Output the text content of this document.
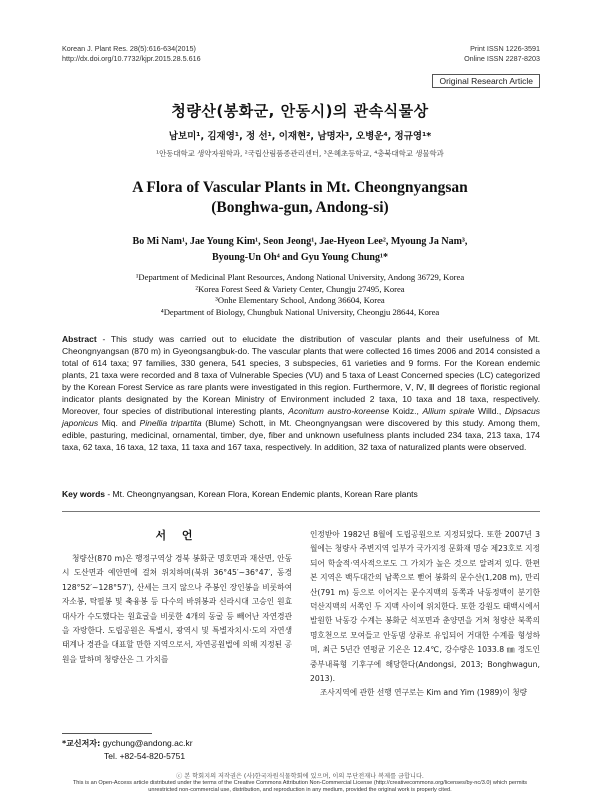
Korean J. Plant Res. 28(5):616-634(2015)
http://dx.doi.org/10.7732/kjpr.2015.28.5.616
Print ISSN 1226-3591
Online ISSN 2287-8203
Original Research Article
청량산(봉화군, 안동시)의 관속식물상
남보미¹, 김재영¹, 정 선¹, 이재현², 남명자³, 오병운⁴, 정규영¹*
¹안동대학교 생약자원학과, ²국립산림품종관리센터, ³온혜초등학교, ⁴충북대학교 생물학과
A Flora of Vascular Plants in Mt. Cheongnyangsan
(Bonghwa-gun, Andong-si)
Bo Mi Nam¹, Jae Young Kim¹, Seon Jeong¹, Jae-Hyeon Lee², Myoung Ja Nam³,
Byoung-Un Oh⁴ and Gyu Young Chung¹*
¹Department of Medicinal Plant Resources, Andong National University, Andong 36729, Korea
²Korea Forest Seed & Variety Center, Chungju 27495, Korea
³Onhe Elementary School, Andong 36604, Korea
⁴Department of Biology, Chungbuk National University, Cheongju 28644, Korea
Abstract - This study was carried out to elucidate the distribution of vascular plants and their usefulness of Mt. Cheongnyangsan (870 m) in Gyeongsangbuk-do. The vascular plants that were collected 16 times 2006 and 2014 consisted a total of 614 taxa; 97 families, 330 genera, 541 species, 3 subspecies, 61 varieties and 9 forms. For the Korean endemic plants, 21 taxa were recorded and 8 taxa of Vulnerable Species (VU) and 5 taxa of Least Concerned species (LC) categorized by the Korean Forest Service as rare plants were investigated in this region. Furthermore, Ⅴ, Ⅳ, Ⅲ degrees of floristic regional indicator plants designated by the Korean Ministry of Environment included 2 taxa, 10 taxa and 18 taxa, respectively. Moreover, four species of distributional interesting plants, Aconitum austro-koreense Koidz., Allium spirale Willd., Dipsacus japonicus Miq. and Pinellia tripartita (Blume) Schott, in Mt. Cheongnyangsan were discovered by this study. Among them, edible, pasturing, medicinal, ornamental, timber, dye, fiber and unknown usefulness plants included 234 taxa, 213 taxa, 174 taxa, 62 taxa, 16 taxa, 12 taxa, 11 taxa and 167 taxa, respectively. In addition, 32 taxa of naturalized plants were observed.
Key words - Mt. Cheongnyangsan, Korean Flora, Korean Endemic plants, Korean Rare plants
서 언

청량산(870 m)은 행정구역상 경북 봉화군 명호면과 재산면, 안동시 도산면과 예안면에 걸쳐 위치하며(북위 36°45′~36°47′, 동경 128°52′~128°57′), 산세는 크지 않으나 주봉인 장인봉을 비롯하여 자소봉, 탁필봉 및 축융봉 등 다수의 바위봉과 신라시대 고승인 원효대사가 수도했다는 원효굴을 비롯한 4개의 동굴 등 빼어난 자연경관을 자랑한다. 도립공원은 특별시, 광역시 및 특별자치시·도의 자연생태계나 경관을 대표할 만한 지역으로서, 자연공원법에 의해 지정된 공원을 말하며 청량산은 그 가치를

인정받아 1982년 8월에 도립공원으로 지정되었다. 또한 2007년 3월에는 청량사 주변지역 일부가 국가지정 문화재 명승 제23호로 지정되어 학술적·역사적으로도 그 가치가 높은 것으로 알려져 있다. 한편 본 지역은 백두대간의 남쪽으로 뻗어 봉화의 문수산(1,208 m), 만리산(791 m) 등으로 이어지는 문수지맥의 동쪽과 낙동정맥이 분기한 덕산지맥의 서쪽인 두 지맥 사이에 위치한다. 또한 강원도 태백시에서 발원한 낙동강 수계는 봉화군 석포면과 춘양면을 거쳐 청량산 북쪽의 명호천으로 모여들고 안동댐 상류로 유입되어 거대한 수계를 형성하며, 최근 5년간 연평균 기온은 12.4℃, 강수량은 1033.8 ㎜ 정도인 중부내륙형 기후구에 해당한다(Andongsi, 2013; Bonghwagun, 2013).

조사지역에 관한 선행 연구로는 Kim and Yim (1989)이 청량

*교신저자: gychung@andong.ac.kr
Tel. +82-54-820-5751
ⓒ 본 학회지의 저작권은 (사)한국자원식물학회에 있으며, 이의 무단전재나 복제를 금합니다.
This is an Open-Access article distributed under the terms of the Creative Commons Attribution Non-Commercial License (http://creativecommons.org/licenses/by-nc/3.0) which permits unrestricted non-commercial use, distribution, and reproduction in any medium, provided the original work is properly cited.
